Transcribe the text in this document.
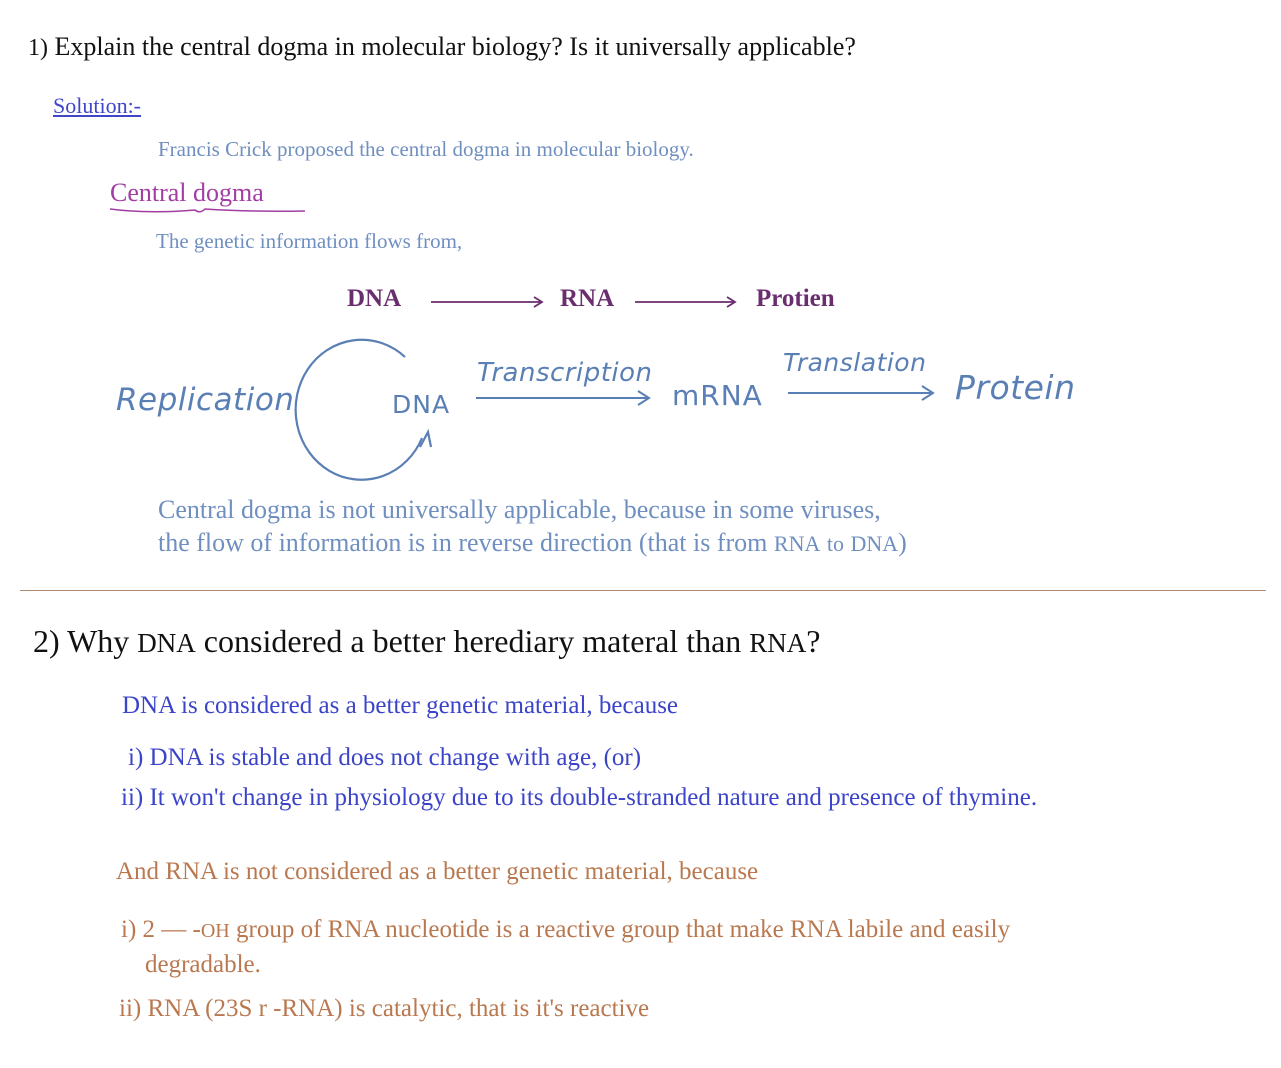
1) Explain the central dogma in molecular biology? Is it universally applicable?
Solution:-
Francis Crick proposed the central dogma in molecular biology.
Central dogma
The genetic information flows from,
DNA	RNA	Protien
Replication	DNA
Transcription
mRNA
Translation
Protein
Central dogma is not universally applicable, because in some viruses,
the flow of information is in reverse direction (that is from RNA to DNA)
2) Why DNA considered a better herediary materal than RNA?
DNA is considered as a better genetic material, because
i) DNA is stable and does not change with age, (or)
ii) It won't change in physiology due to its double-stranded nature and presence of thymine.
And RNA is not considered as a better genetic material, because
i) 2 — -OH group of RNA nucleotide is a reactive group that make RNA labile and easily
degradable.
ii) RNA (23S r -RNA) is catalytic, that is it's reactive
